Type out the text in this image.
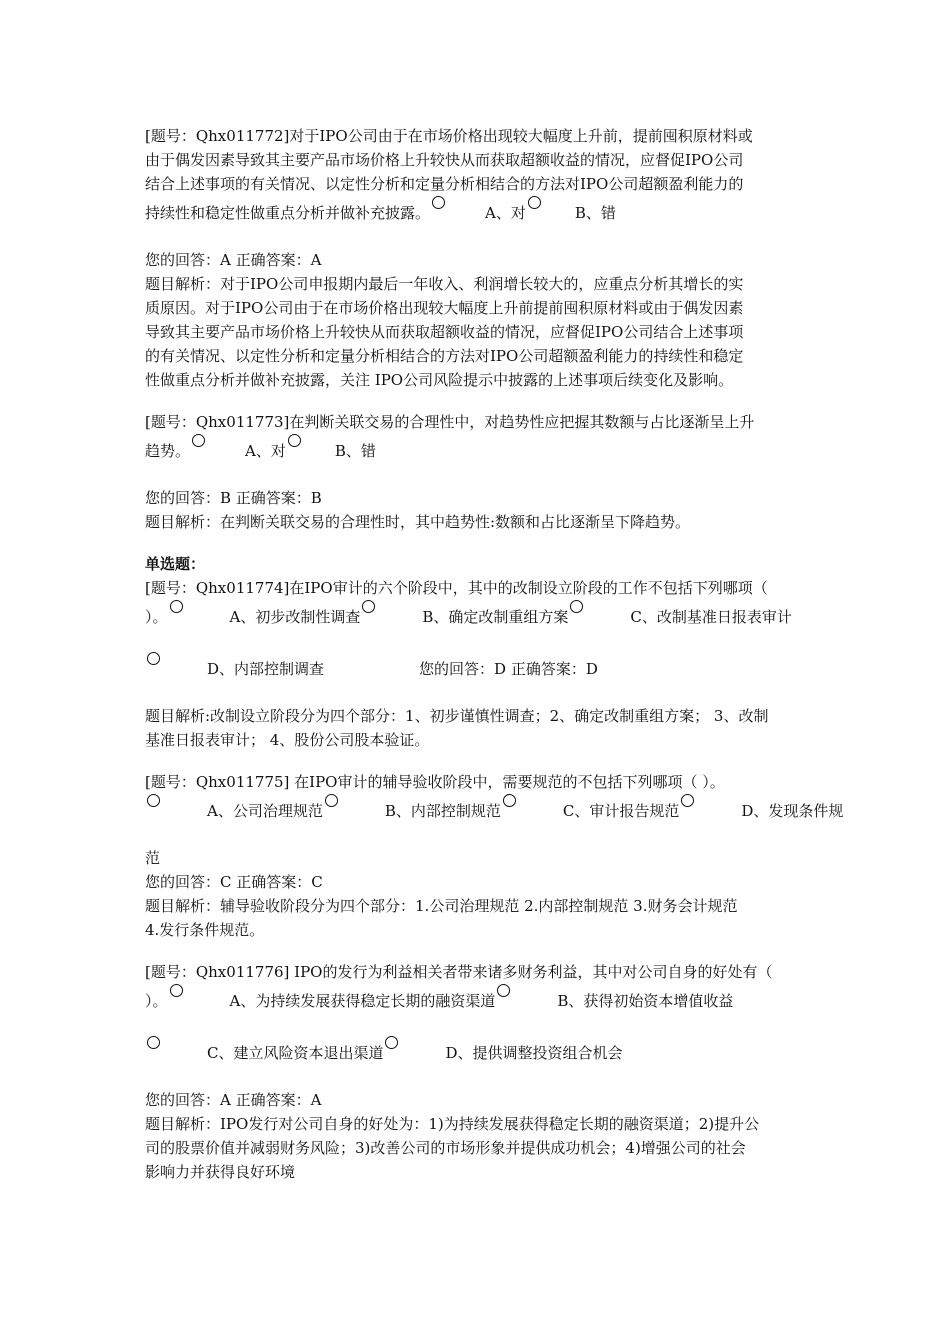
[题号：Qhx011772]对于IPO公司由于在市场价格出现较大幅度上升前，提前囤积原材料或
由于偶发因素导致其主要产品市场价格上升较快从而获取超额收益的情况，应督促IPO公司
结合上述事项的有关情况、以定性分析和定量分析相结合的方法对IPO公司超额盈利能力的
持续性和稳定性做重点分析并做补充披露。	A、对	B、错
您的回答：A 正确答案：A
题目解析：对于IPO公司申报期内最后一年收入、利润增长较大的，应重点分析其增长的实
质原因。对于IPO公司由于在市场价格出现较大幅度上升前提前囤积原材料或由于偶发因素
导致其主要产品市场价格上升较快从而获取超额收益的情况，应督促IPO公司结合上述事项
的有关情况、以定性分析和定量分析相结合的方法对IPO公司超额盈利能力的持续性和稳定
性做重点分析并做补充披露，关注 IPO公司风险提示中披露的上述事项后续变化及影响。
[题号：Qhx011773]在判断关联交易的合理性中，对趋势性应把握其数额与占比逐渐呈上升
趋势。	A、对	B、错
您的回答：B 正确答案：B
题目解析：在判断关联交易的合理性时，其中趋势性:数额和占比逐渐呈下降趋势。
单选题：
[题号：Qhx011774]在IPO审计的六个阶段中，其中的改制设立阶段的工作不包括下列哪项（
）。	A、初步改制性调查	B、确定改制重组方案	C、改制基准日报表审计
D、内部控制调查	您的回答：D 正确答案：D
题目解析:改制设立阶段分为四个部分：1、初步谨慎性调查；2、确定改制重组方案； 3、改制
基准日报表审计； 4、股份公司股本验证。
[题号：Qhx011775] 在IPO审计的辅导验收阶段中，需要规范的不包括下列哪项（ ）。
A、公司治理规范	B、内部控制规范	C、审计报告规范	D、发现条件规
范
您的回答：C 正确答案：C
题目解析：辅导验收阶段分为四个部分：1.公司治理规范 2.内部控制规范 3.财务会计规范
4.发行条件规范。
[题号：Qhx011776] IPO的发行为利益相关者带来诸多财务利益，其中对公司自身的好处有（
）。	A、为持续发展获得稳定长期的融资渠道	B、获得初始资本增值收益
C、建立风险资本退出渠道	D、提供调整投资组合机会
您的回答：A 正确答案：A
题目解析：IPO发行对公司自身的好处为：1)为持续发展获得稳定长期的融资渠道；2)提升公
司的股票价值并减弱财务风险；3)改善公司的市场形象并提供成功机会；4)增强公司的社会
影响力并获得良好环境
